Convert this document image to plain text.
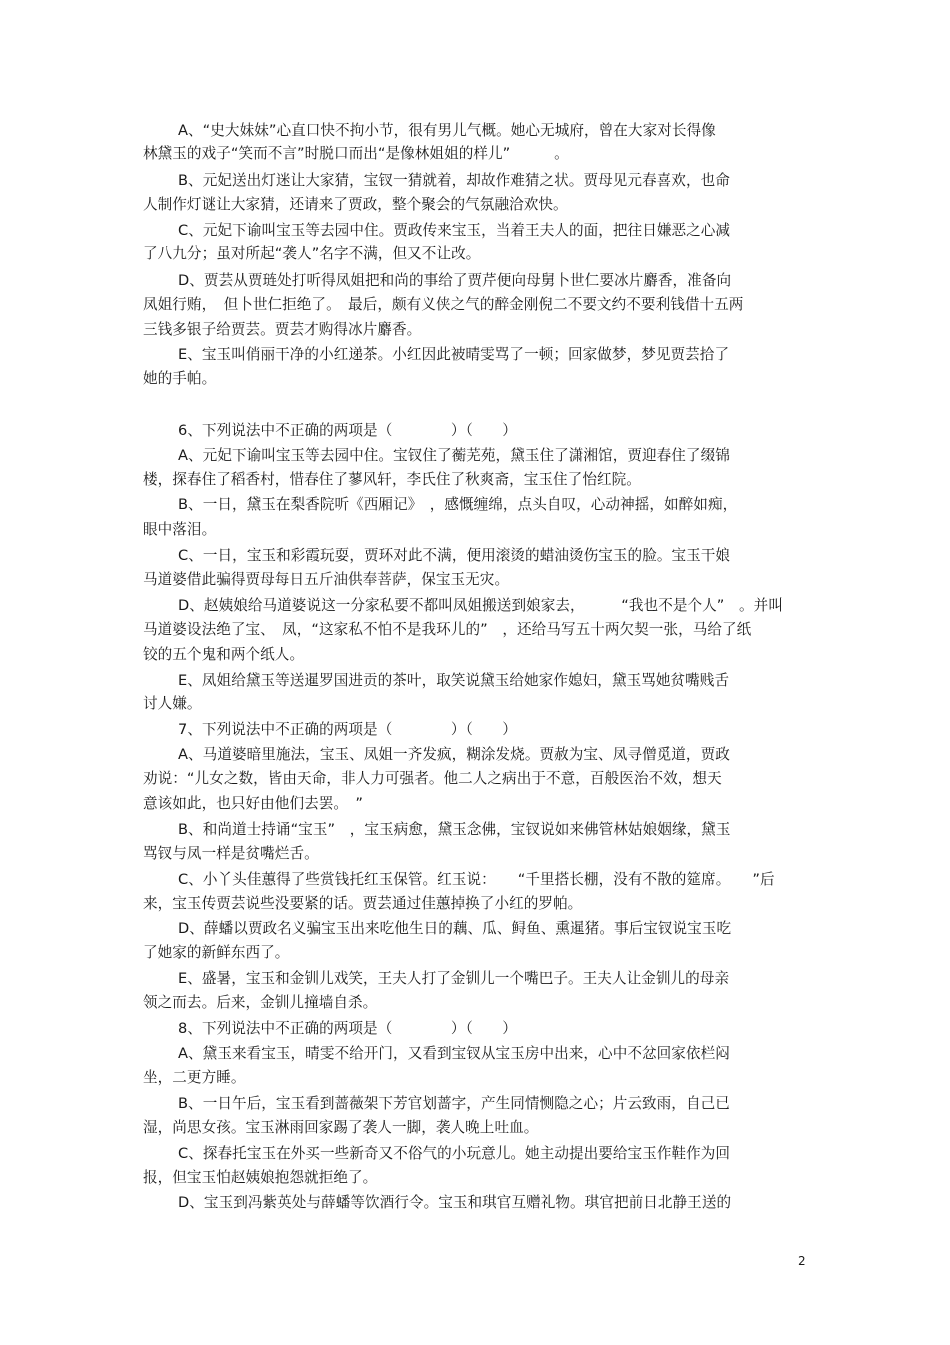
A、“史大妹妹”心直口快不拘小节，很有男儿气概。她心无城府，曾在大家对长得像
林黛玉的戏子“笑而不言”时脱口而出“是像林姐姐的样儿”　　　。
B、元妃送出灯迷让大家猜，宝钗一猜就着，却故作难猜之状。贾母见元春喜欢，也命
人制作灯谜让大家猜，还请来了贾政，整个聚会的气氛融洽欢快。
C、元妃下谕叫宝玉等去园中住。贾政传来宝玉，当着王夫人的面，把往日嫌恶之心减
了八九分；虽对所起“袭人”名字不满，但又不让改。
D、贾芸从贾琏处打听得凤姐把和尚的事给了贾芹便向母舅卜世仁要冰片麝香，准备向
凤姐行贿，　但卜世仁拒绝了。　最后，颇有义侠之气的醉金刚倪二不要文约不要利钱借十五两
三钱多银子给贾芸。贾芸才购得冰片麝香。
E、宝玉叫俏丽干净的小红递茶。小红因此被晴雯骂了一顿；回家做梦，梦见贾芸拾了
她的手帕。
6、下列说法中不正确的两项是（　　　　）（　　）
A、元妃下谕叫宝玉等去园中住。宝钗住了蘅芜苑，黛玉住了潇湘馆，贾迎春住了缀锦
楼，探春住了稻香村，惜春住了蓼风轩，李氏住了秋爽斋，宝玉住了怡红院。
B、一日，黛玉在梨香院听《西厢记》　，感慨缠绵，点头自叹，心动神摇，如醉如痴，
眼中落泪。
C、一日，宝玉和彩霞玩耍，贾环对此不满，便用滚烫的蜡油烫伤宝玉的脸。宝玉干娘
马道婆借此骗得贾母每日五斤油供奉菩萨，保宝玉无灾。
D、赵姨娘给马道婆说这一分家私要不都叫凤姐搬送到娘家去，　　　“我也不是个人”　。并叫
马道婆设法绝了宝、　凤，“这家私不怕不是我环儿的”　，还给马写五十两欠契一张，马给了纸
铰的五个鬼和两个纸人。
E、凤姐给黛玉等送暹罗国进贡的茶叶，取笑说黛玉给她家作媳妇，黛玉骂她贫嘴贱舌
讨人嫌。
7、下列说法中不正确的两项是（　　　　）（　　）
A、马道婆暗里施法，宝玉、凤姐一齐发疯，糊涂发烧。贾赦为宝、凤寻僧觅道，贾政
劝说：“儿女之数，皆由天命，非人力可强者。他二人之病出于不意，百般医治不效，想天
意该如此，也只好由他们去罢。　”
B、和尚道士持诵“宝玉”　，宝玉病愈，黛玉念佛，宝钗说如来佛管林姑娘姻缘，黛玉
骂钗与凤一样是贫嘴烂舌。
C、小丫头佳蕙得了些赏钱托红玉保管。红玉说：　　“千里搭长棚，没有不散的筵席。　　”后
来，宝玉传贾芸说些没要紧的话。贾芸通过佳蕙掉换了小红的罗帕。
D、薛蟠以贾政名义骗宝玉出来吃他生日的藕、瓜、鲟鱼、熏暹猪。事后宝钗说宝玉吃
了她家的新鲜东西了。
E、盛暑，宝玉和金钏儿戏笑，王夫人打了金钏儿一个嘴巴子。王夫人让金钏儿的母亲
领之而去。后来，金钏儿撞墙自杀。
8、下列说法中不正确的两项是（　　　　）（　　）
A、黛玉来看宝玉，晴雯不给开门，又看到宝钗从宝玉房中出来，心中不忿回家依栏闷
坐，二更方睡。
B、一日午后，宝玉看到蔷薇架下芳官划蔷字，产生同情恻隐之心；片云致雨，自己已
湿，尚思女孩。宝玉淋雨回家踢了袭人一脚，袭人晚上吐血。
C、探春托宝玉在外买一些新奇又不俗气的小玩意儿。她主动提出要给宝玉作鞋作为回
报，但宝玉怕赵姨娘抱怨就拒绝了。
D、宝玉到冯紫英处与薛蟠等饮酒行令。宝玉和琪官互赠礼物。琪官把前日北静王送的
2
